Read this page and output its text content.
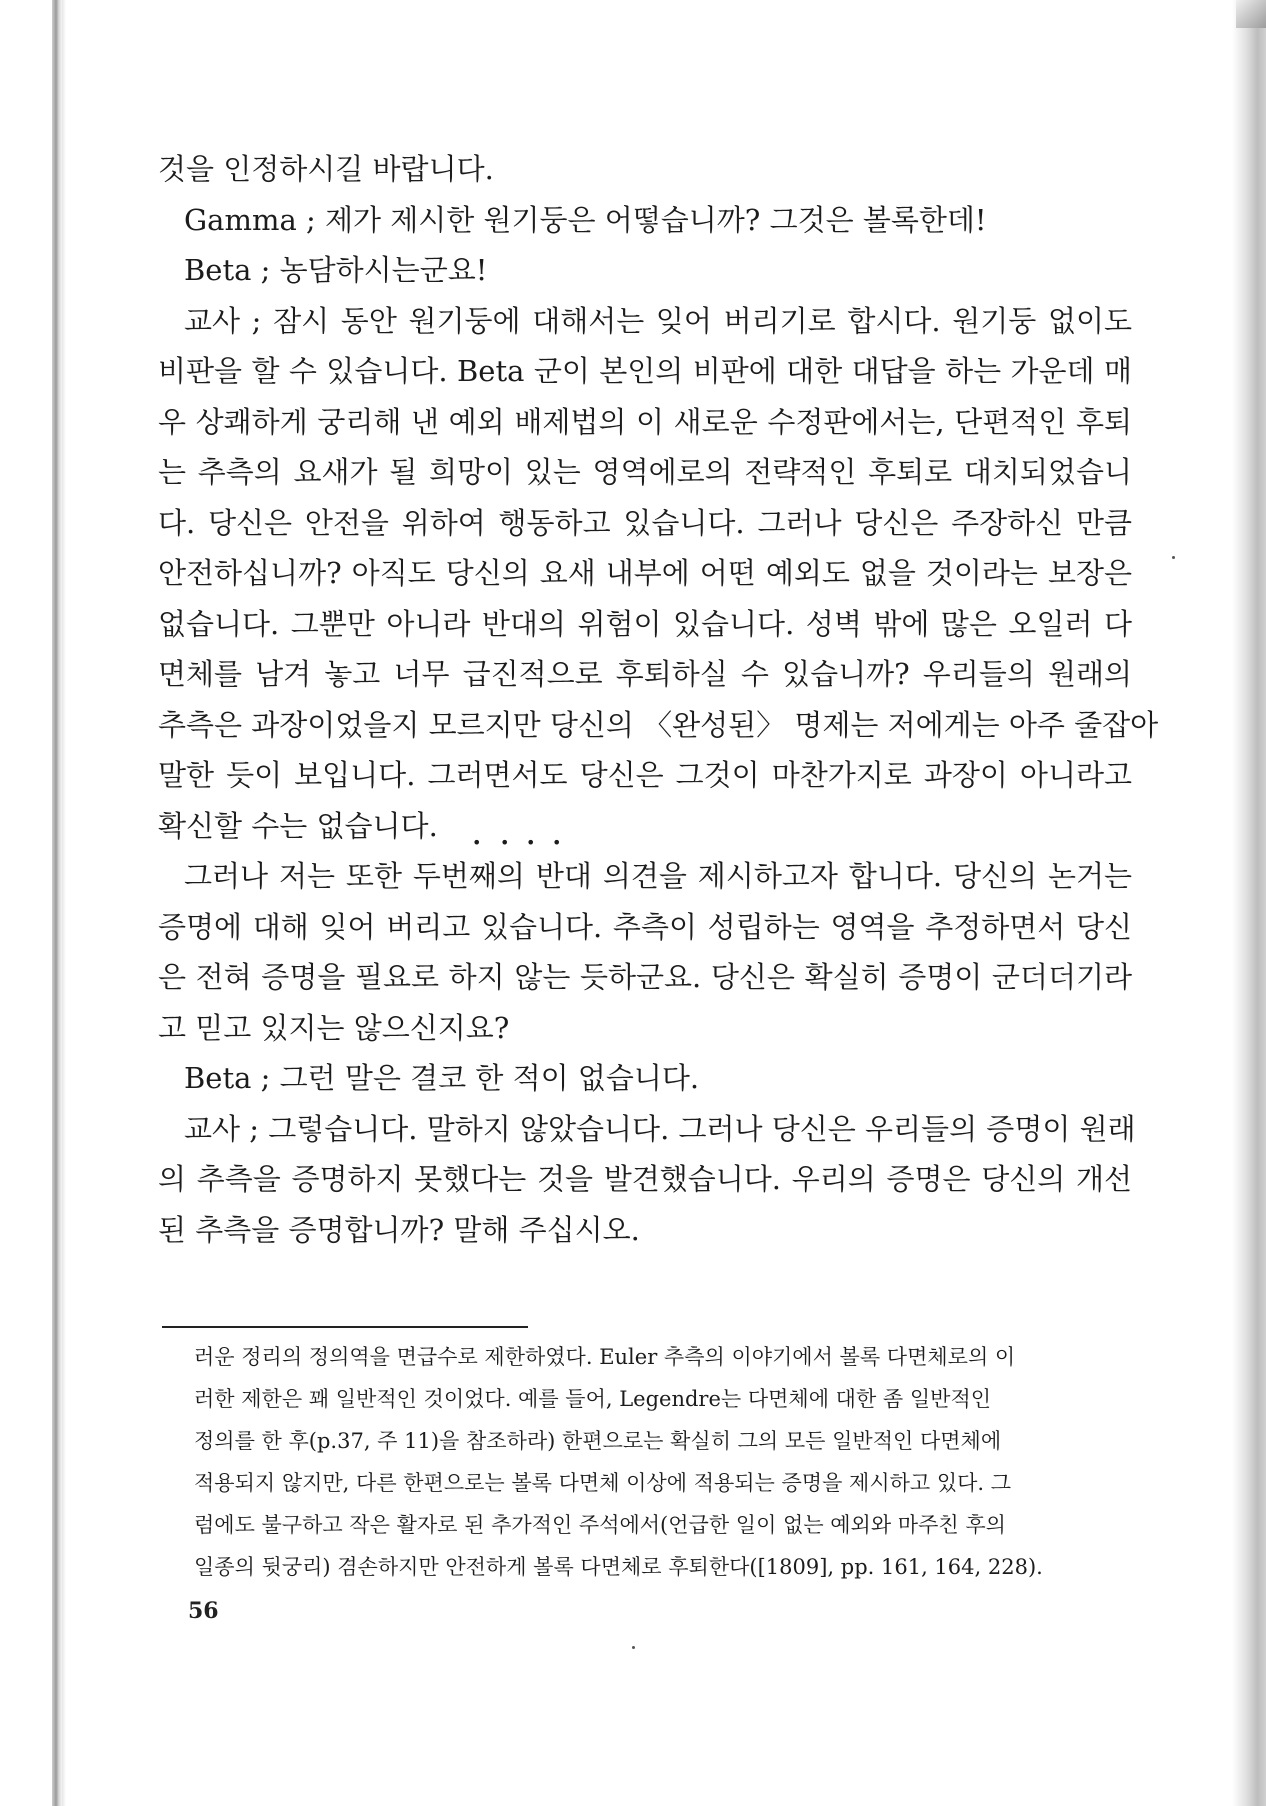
것을 인정하시길 바랍니다.
Gamma ; 제가 제시한 원기둥은 어떻습니까? 그것은 볼록한데!
Beta ; 농담하시는군요!
교사 ; 잠시 동안 원기둥에 대해서는 잊어 버리기로 합시다. 원기둥 없이도
비판을 할 수 있습니다. Beta 군이 본인의 비판에 대한 대답을 하는 가운데 매
우 상쾌하게 궁리해 낸 예외 배제법의 이 새로운 수정판에서는, 단편적인 후퇴
는 추측의 요새가 될 희망이 있는 영역에로의 전략적인 후퇴로 대치되었습니
다. 당신은 안전을 위하여 행동하고 있습니다. 그러나 당신은 주장하신 만큼
안전하십니까? 아직도 당신의 요새 내부에 어떤 예외도 없을 것이라는 보장은
없습니다. 그뿐만 아니라 반대의 위험이 있습니다. 성벽 밖에 많은 오일러 다
면체를 남겨 놓고 너무 급진적으로 후퇴하실 수 있습니까? 우리들의 원래의
추측은 과장이었을지 모르지만 당신의 〈완성된〉 명제는 저에게는 아주 줄잡아
말한 듯이 보입니다. 그러면서도 당신은 그것이 마찬가지로 과장이 아니라고
확신할 수는 없습니다.
그러나 저는 또한 두번째의 반대 의견을 제시하고자 합니다. 당신의 논거는
증명에 대해 잊어 버리고 있습니다. 추측이 성립하는 영역을 추정하면서 당신
은 전혀 증명을 필요로 하지 않는 듯하군요. 당신은 확실히 증명이 군더더기라
고 믿고 있지는 않으신지요?
Beta ; 그런 말은 결코 한 적이 없습니다.
교사 ; 그렇습니다. 말하지 않았습니다. 그러나 당신은 우리들의 증명이 원래
의 추측을 증명하지 못했다는 것을 발견했습니다. 우리의 증명은 당신의 개선
된 추측을 증명합니까? 말해 주십시오.
• • • •
러운 정리의 정의역을 면급수로 제한하였다. Euler 추측의 이야기에서 볼록 다면체로의 이
러한 제한은 꽤 일반적인 것이었다. 예를 들어, Legendre는 다면체에 대한 좀 일반적인
정의를 한 후(p.37, 주 11)을 참조하라) 한편으로는 확실히 그의 모든 일반적인 다면체에
적용되지 않지만, 다른 한편으로는 볼록 다면체 이상에 적용되는 증명을 제시하고 있다. 그
럼에도 불구하고 작은 활자로 된 추가적인 주석에서(언급한 일이 없는 예외와 마주친 후의
일종의 뒷궁리) 겸손하지만 안전하게 볼록 다면체로 후퇴한다([1809], pp. 161, 164, 228).
56
